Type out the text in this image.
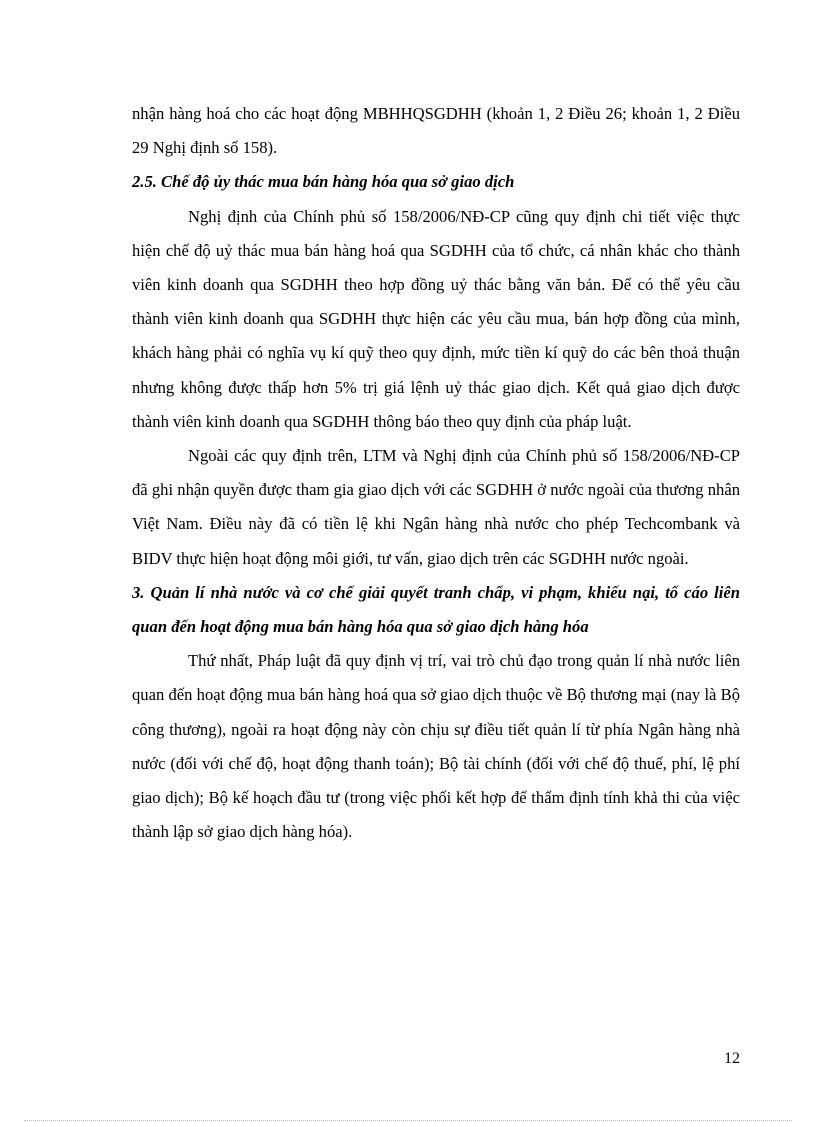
nhận hàng hoá cho các hoạt động MBHHQSGDHH (khoản 1, 2 Điều 26; khoản 1, 2 Điều 29 Nghị định số 158).

2.5. Chế độ ủy thác mua bán hàng hóa qua sở giao dịch

Nghị định của Chính phủ số 158/2006/NĐ-CP cũng quy định chi tiết việc thực hiện chế độ uỷ thác mua bán hàng hoá qua SGDHH của tổ chức, cá nhân khác cho thành viên kinh doanh qua SGDHH theo hợp đồng uỷ thác bằng văn bản. Để có thể yêu cầu thành viên kinh doanh qua SGDHH thực hiện các yêu cầu mua, bán hợp đồng của mình, khách hàng phải có nghĩa vụ kí quỹ theo quy định, mức tiền kí quỹ do các bên thoả thuận nhưng không được thấp hơn 5% trị giá lệnh uỷ thác giao dịch. Kết quả giao dịch được thành viên kinh doanh qua SGDHH thông báo theo quy định của pháp luật.

Ngoài các quy định trên, LTM và Nghị định của Chính phủ số 158/2006/NĐ-CP đã ghi nhận quyền được tham gia giao dịch với các SGDHH ở nước ngoài của thương nhân Việt Nam. Điều này đã có tiền lệ khi Ngân hàng nhà nước cho phép Techcombank và BIDV thực hiện hoạt động môi giới, tư vấn, giao dịch trên các SGDHH nước ngoài.

3. Quản lí nhà nước và cơ chế giải quyết tranh chấp, vi phạm, khiếu nại, tố cáo liên quan đến hoạt động mua bán hàng hóa qua sở giao dịch hàng hóa

Thứ nhất, Pháp luật đã quy định vị trí, vai trò chủ đạo trong quản lí nhà nước liên quan đến hoạt động mua bán hàng hoá qua sở giao dịch thuộc về Bộ thương mại (nay là Bộ công thương), ngoài ra hoạt động này còn chịu sự điều tiết quản lí từ phía Ngân hàng nhà nước (đối với chế độ, hoạt động thanh toán); Bộ tài chính (đối với chế độ thuế, phí, lệ phí giao dịch); Bộ kế hoạch đầu tư (trong việc phối kết hợp để thẩm định tính khả thi của việc thành lập sở giao dịch hàng hóa).

12
